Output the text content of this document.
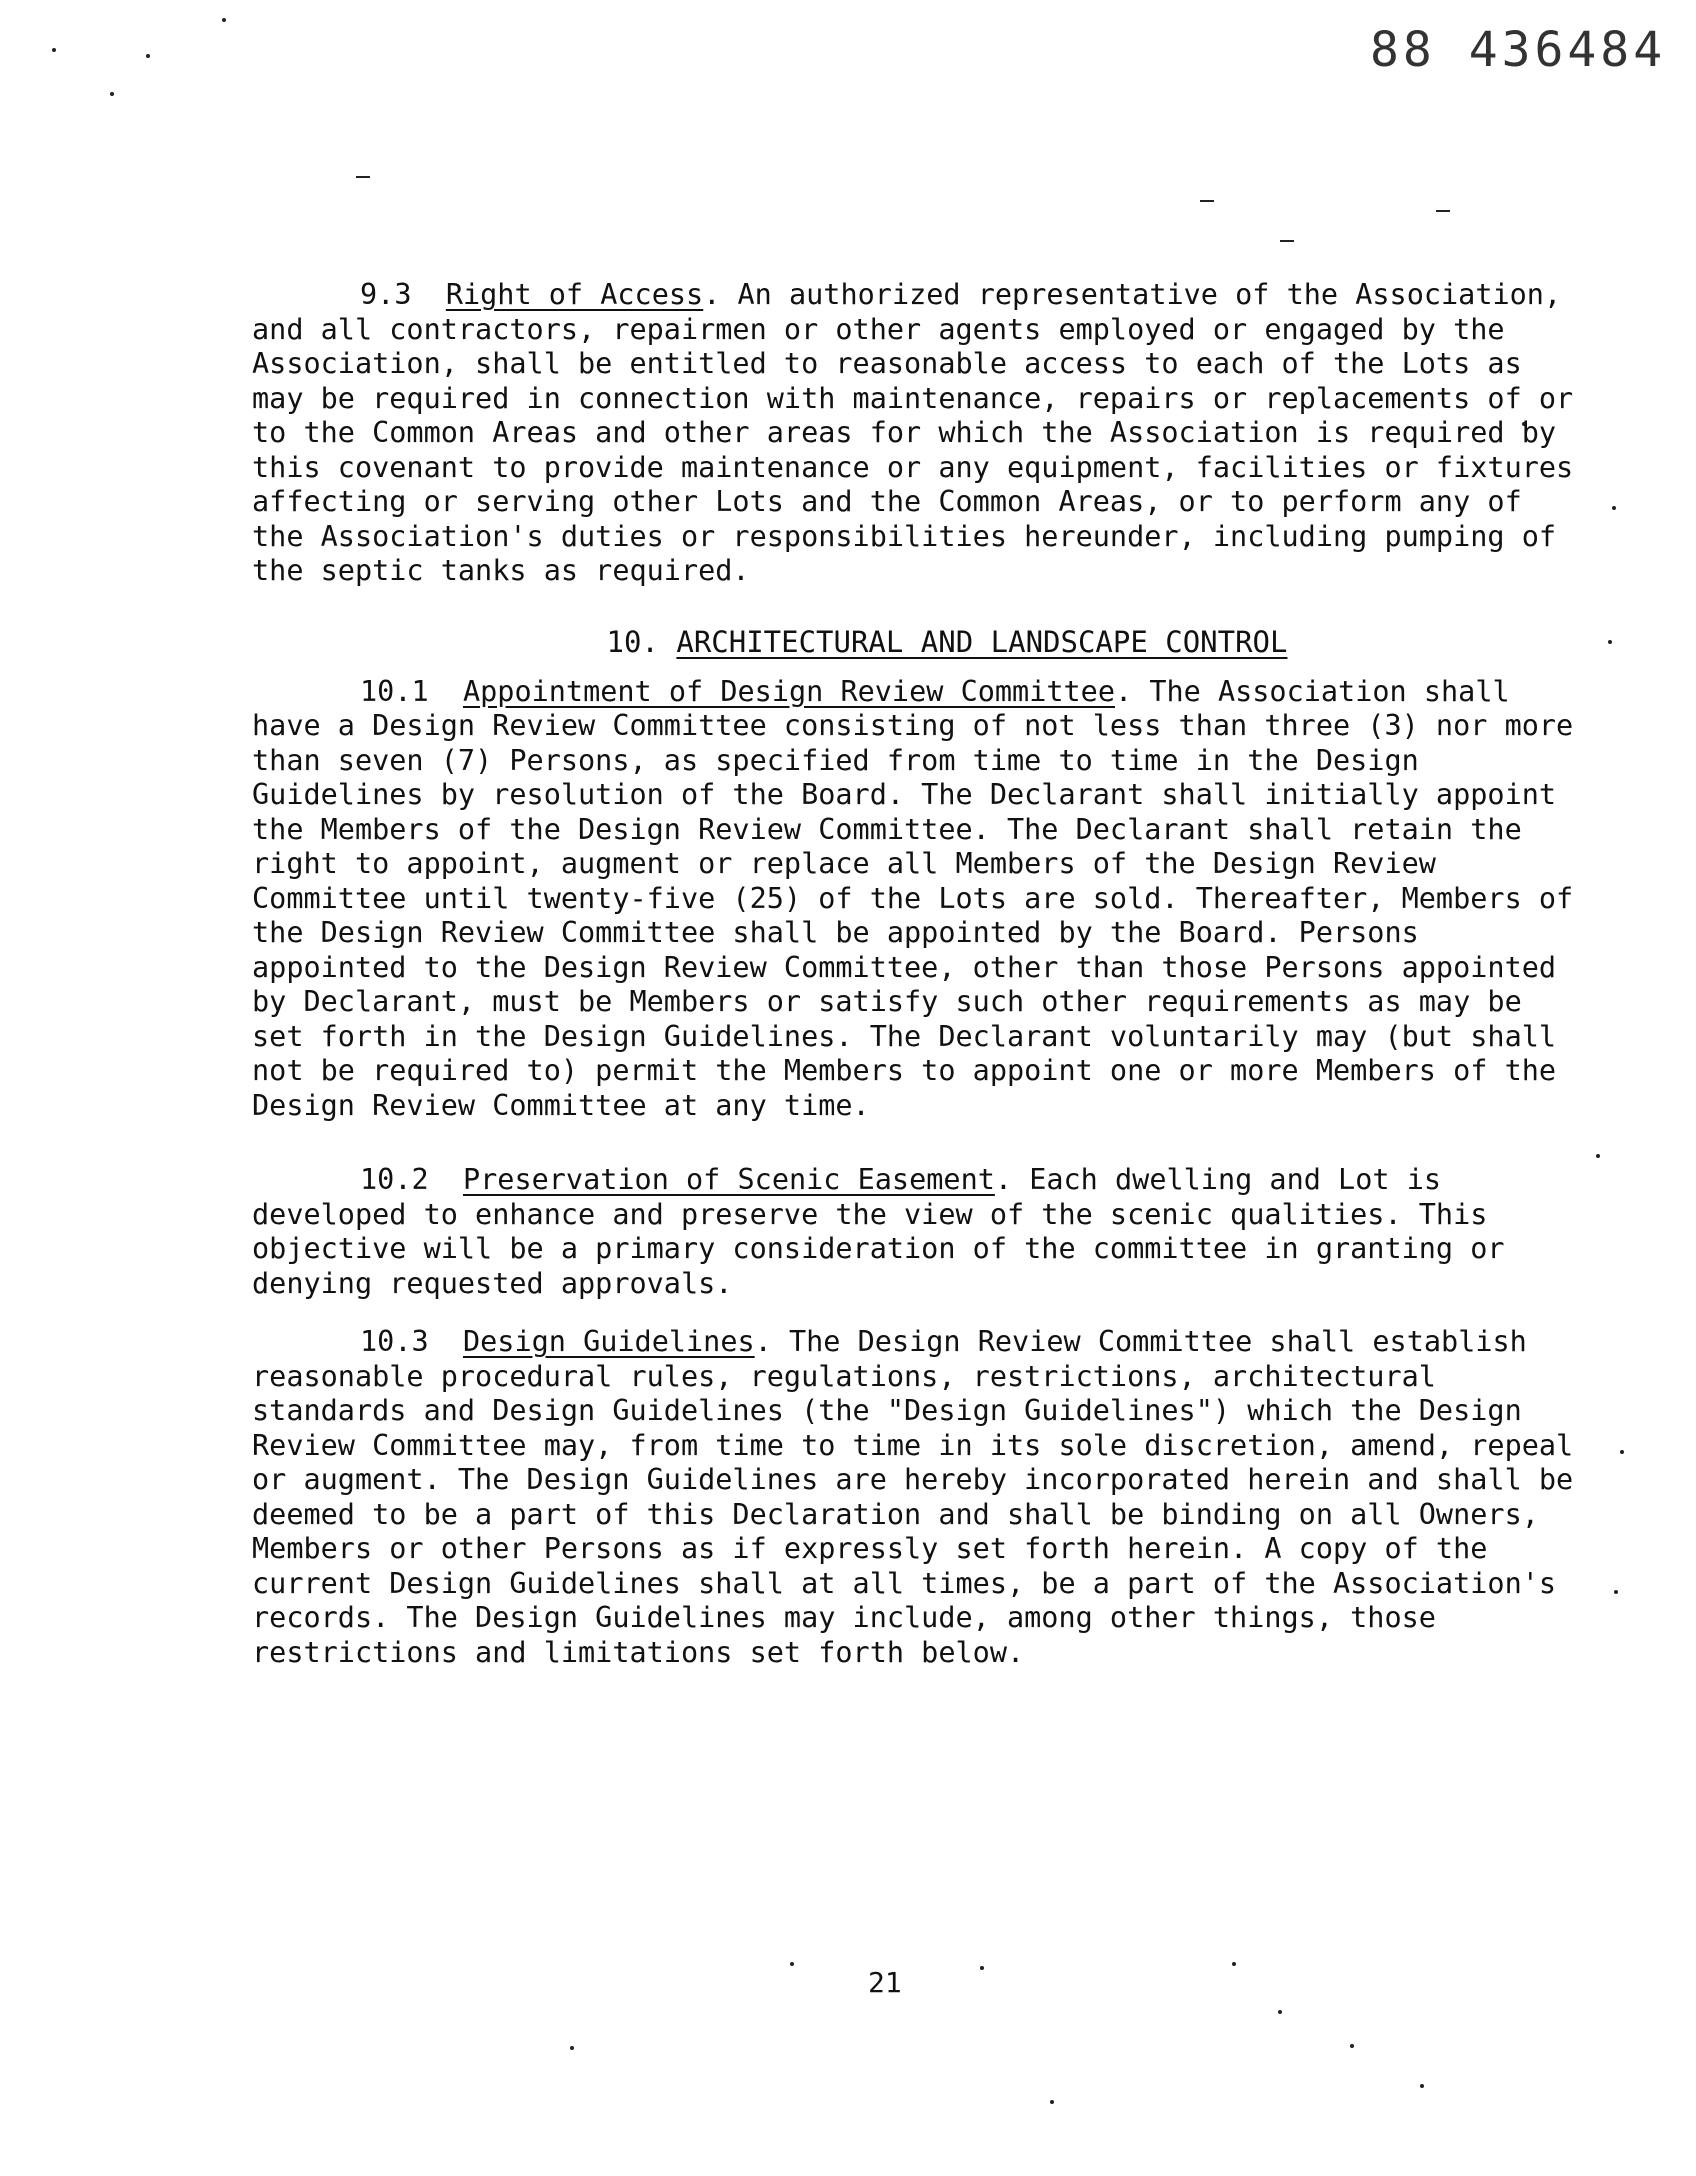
88 436484

9.3 Right of Access. An authorized representative of the Association, and all contractors, repairmen or other agents employed or engaged by the Association, shall be entitled to reasonable access to each of the Lots as may be required in connection with maintenance, repairs or replacements of or to the Common Areas and other areas for which the Association is required by this covenant to provide maintenance or any equipment, facilities or fixtures affecting or serving other Lots and the Common Areas, or to perform any of the Association's duties or responsibilities hereunder, including pumping of the septic tanks as required.

10. ARCHITECTURAL AND LANDSCAPE CONTROL

10.1 Appointment of Design Review Committee. The Association shall have a Design Review Committee consisting of not less than three (3) nor more than seven (7) Persons, as specified from time to time in the Design Guidelines by resolution of the Board. The Declarant shall initially appoint the Members of the Design Review Committee. The Declarant shall retain the right to appoint, augment or replace all Members of the Design Review Committee until twenty-five (25) of the Lots are sold. Thereafter, Members of the Design Review Committee shall be appointed by the Board. Persons appointed to the Design Review Committee, other than those Persons appointed by Declarant, must be Members or satisfy such other requirements as may be set forth in the Design Guidelines. The Declarant voluntarily may (but shall not be required to) permit the Members to appoint one or more Members of the Design Review Committee at any time.

10.2 Preservation of Scenic Easement. Each dwelling and Lot is developed to enhance and preserve the view of the scenic qualities. This objective will be a primary consideration of the committee in granting or denying requested approvals.

10.3 Design Guidelines. The Design Review Committee shall establish reasonable procedural rules, regulations, restrictions, architectural standards and Design Guidelines (the "Design Guidelines") which the Design Review Committee may, from time to time in its sole discretion, amend, repeal or augment. The Design Guidelines are hereby incorporated herein and shall be deemed to be a part of this Declaration and shall be binding on all Owners, Members or other Persons as if expressly set forth herein. A copy of the current Design Guidelines shall at all times, be a part of the Association's records. The Design Guidelines may include, among other things, those restrictions and limitations set forth below.

21
